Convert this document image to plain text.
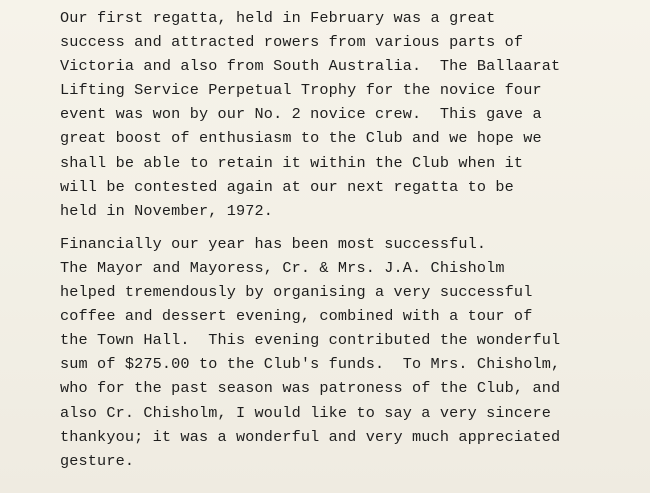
Our first regatta, held in February was a great
success and attracted rowers from various parts of
Victoria and also from South Australia.  The Ballaarat
Lifting Service Perpetual Trophy for the novice four
event was won by our No. 2 novice crew.  This gave a
great boost of enthusiasm to the Club and we hope we
shall be able to retain it within the Club when it
will be contested again at our next regatta to be
held in November, 1972.
Financially our year has been most successful.
The Mayor and Mayoress, Cr. & Mrs. J.A. Chisholm
helped tremendously by organising a very successful
coffee and dessert evening, combined with a tour of
the Town Hall.  This evening contributed the wonderful
sum of $275.00 to the Club's funds.  To Mrs. Chisholm,
who for the past season was patroness of the Club, and
also Cr. Chisholm, I would like to say a very sincere
thankyou; it was a wonderful and very much appreciated
gesture.
